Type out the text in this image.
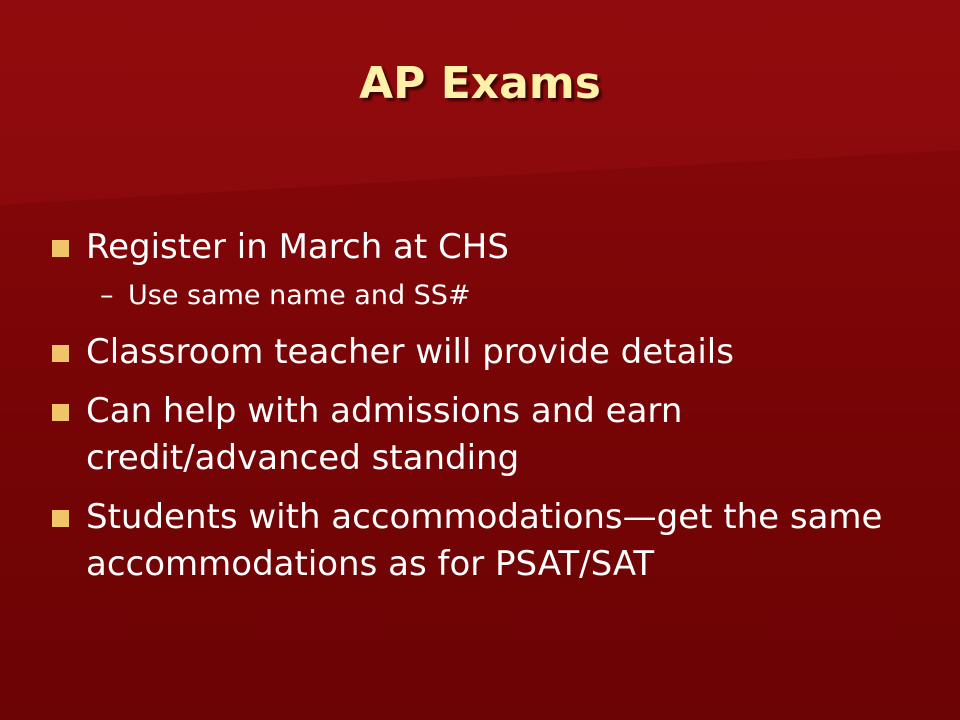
AP Exams
Register in March at CHS
– Use same name and SS#
Classroom teacher will provide details
Can help with admissions and earn credit/advanced standing
Students with accommodations—get the same accommodations as for PSAT/SAT
